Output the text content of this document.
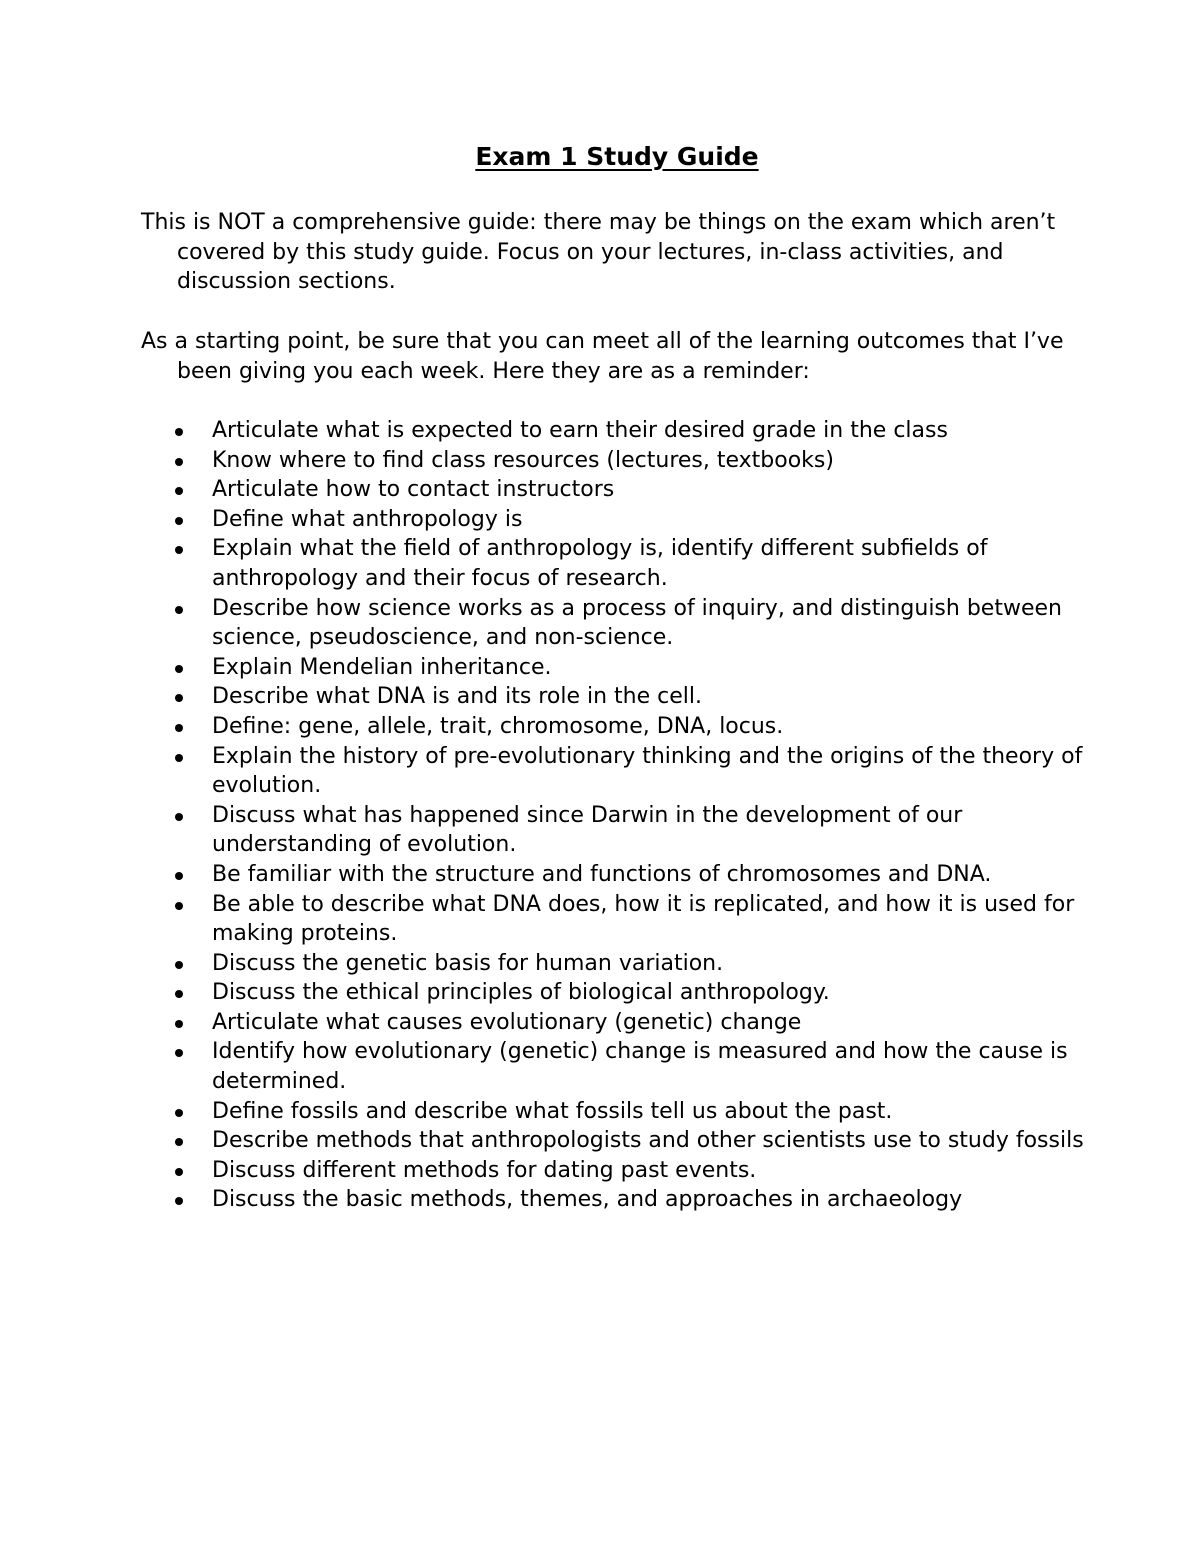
Exam 1 Study Guide

This is NOT a comprehensive guide: there may be things on the exam which aren’t covered by this study guide. Focus on your lectures, in-class activities, and discussion sections.

As a starting point, be sure that you can meet all of the learning outcomes that I’ve been giving you each week. Here they are as a reminder:

Articulate what is expected to earn their desired grade in the class
Know where to find class resources (lectures, textbooks)
Articulate how to contact instructors
Define what anthropology is
Explain what the field of anthropology is, identify different subfields of anthropology and their focus of research.
Describe how science works as a process of inquiry, and distinguish between science, pseudoscience, and non-science.
Explain Mendelian inheritance.
Describe what DNA is and its role in the cell.
Define: gene, allele, trait, chromosome, DNA, locus.
Explain the history of pre-evolutionary thinking and the origins of the theory of evolution.
Discuss what has happened since Darwin in the development of our understanding of evolution.
Be familiar with the structure and functions of chromosomes and DNA.
Be able to describe what DNA does, how it is replicated, and how it is used for making proteins.
Discuss the genetic basis for human variation.
Discuss the ethical principles of biological anthropology.
Articulate what causes evolutionary (genetic) change
Identify how evolutionary (genetic) change is measured and how the cause is determined.
Define fossils and describe what fossils tell us about the past.
Describe methods that anthropologists and other scientists use to study fossils
Discuss different methods for dating past events.
Discuss the basic methods, themes, and approaches in archaeology
